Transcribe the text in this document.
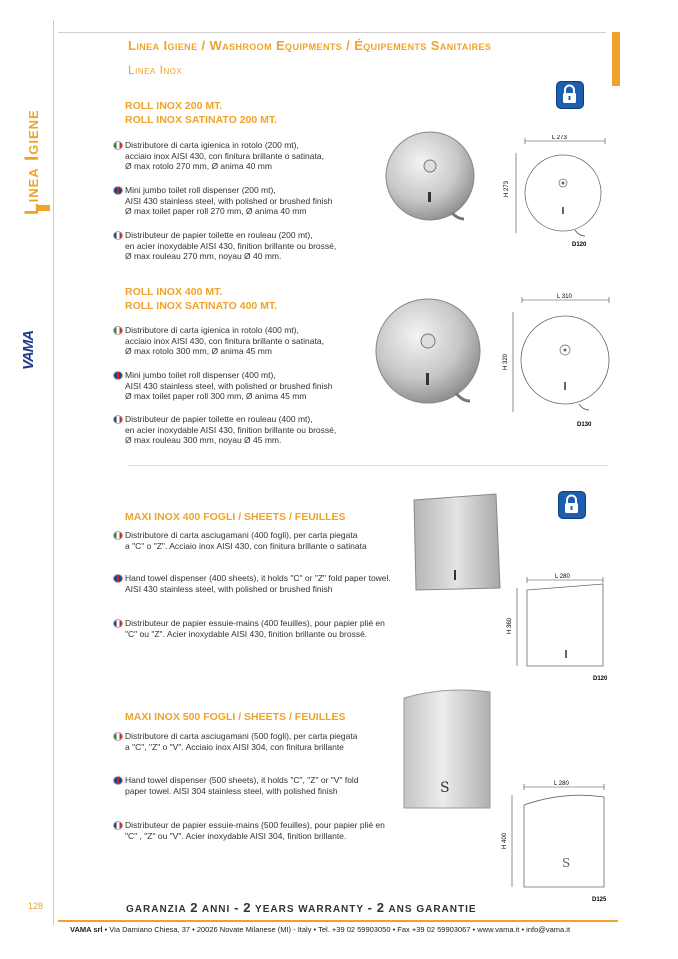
Linea Igiene
VAMA
Linea Igiene / Washroom Equipments / Équipements Sanitaires
Linea Inox
ROLL INOX 200 MT.
ROLL INOX SATINATO 200 MT.
Distributore di carta igienica in rotolo (200 mt),
acciaio inox AISI 430, con finitura brillante o satinata,
Ø max rotolo 270 mm, Ø anima 40 mm
Mini jumbo toilet roll dispenser (200 mt),
AISI 430 stainless steel, with polished or brushed finish
Ø max toilet paper roll 270 mm, Ø anima 40 mm
Distributeur de papier toilette en rouleau (200 mt),
en acier inoxydable AISI 430, finition brillante ou brossé,
Ø max rouleau 270 mm, noyau Ø 40 mm.
L 273
H 273
D120
ROLL INOX 400 MT.
ROLL INOX SATINATO 400 MT.
Distributore di carta igienica in rotolo (400 mt),
acciaio inox AISI 430, con finitura brillante o satinata,
Ø max rotolo 300 mm, Ø anima 45 mm
Mini jumbo toilet roll dispenser (400 mt),
AISI 430 stainless steel, with polished or brushed finish
Ø max toilet paper roll 300 mm, Ø anima 45 mm
Distributeur de papier toilette en rouleau (400 mt),
en acier inoxydable AISI 430, finition brillante ou brossé,
Ø max rouleau 300 mm, noyau Ø 45 mm.
L 310
H 320
D130
MAXI INOX 400 FOGLI / SHEETS / FEUILLES
Distributore di carta asciugamani (400 fogli), per carta piegata
a "C" o "Z". Acciaio inox AISI 430, con finitura brillante o satinata
Hand towel dispenser (400 sheets), it holds "C" or "Z" fold paper towel.
AISI 430 stainless steel, with polished or brushed finish
Distributeur de papier essuie-mains (400 feuilles), pour papier plié en
"C" ou "Z". Acier inoxydable AISI 430, finition brillante ou brossé.
L 280
H 360
D120
MAXI INOX 500 FOGLI / SHEETS / FEUILLES
Distributore di carta asciugamani (500 fogli), per carta piegata
a "C", "Z" o "V". Acciaio inox AISI 304, con finitura brillante
Hand towel dispenser (500 sheets), it holds "C", "Z" or "V" fold
paper towel. AISI 304 stainless steel, with polished finish
Distributeur de papier essuie-mains (500 feuilles), pour papier plié en
"C" , "Z" ou "V". Acier inoxydable AISI 304, finition brillante.
S	L 280
H 400
S
D125
128	GARANZIA 2 ANNI - 2 YEARS WARRANTY - 2 ANS GARANTIE
VAMA srl • Via Damiano Chiesa, 37 • 20026 Novate Milanese (MI) - Italy • Tel. +39 02 59903050 • Fax +39 02 59903067 • www.vama.it • info@vama.it
